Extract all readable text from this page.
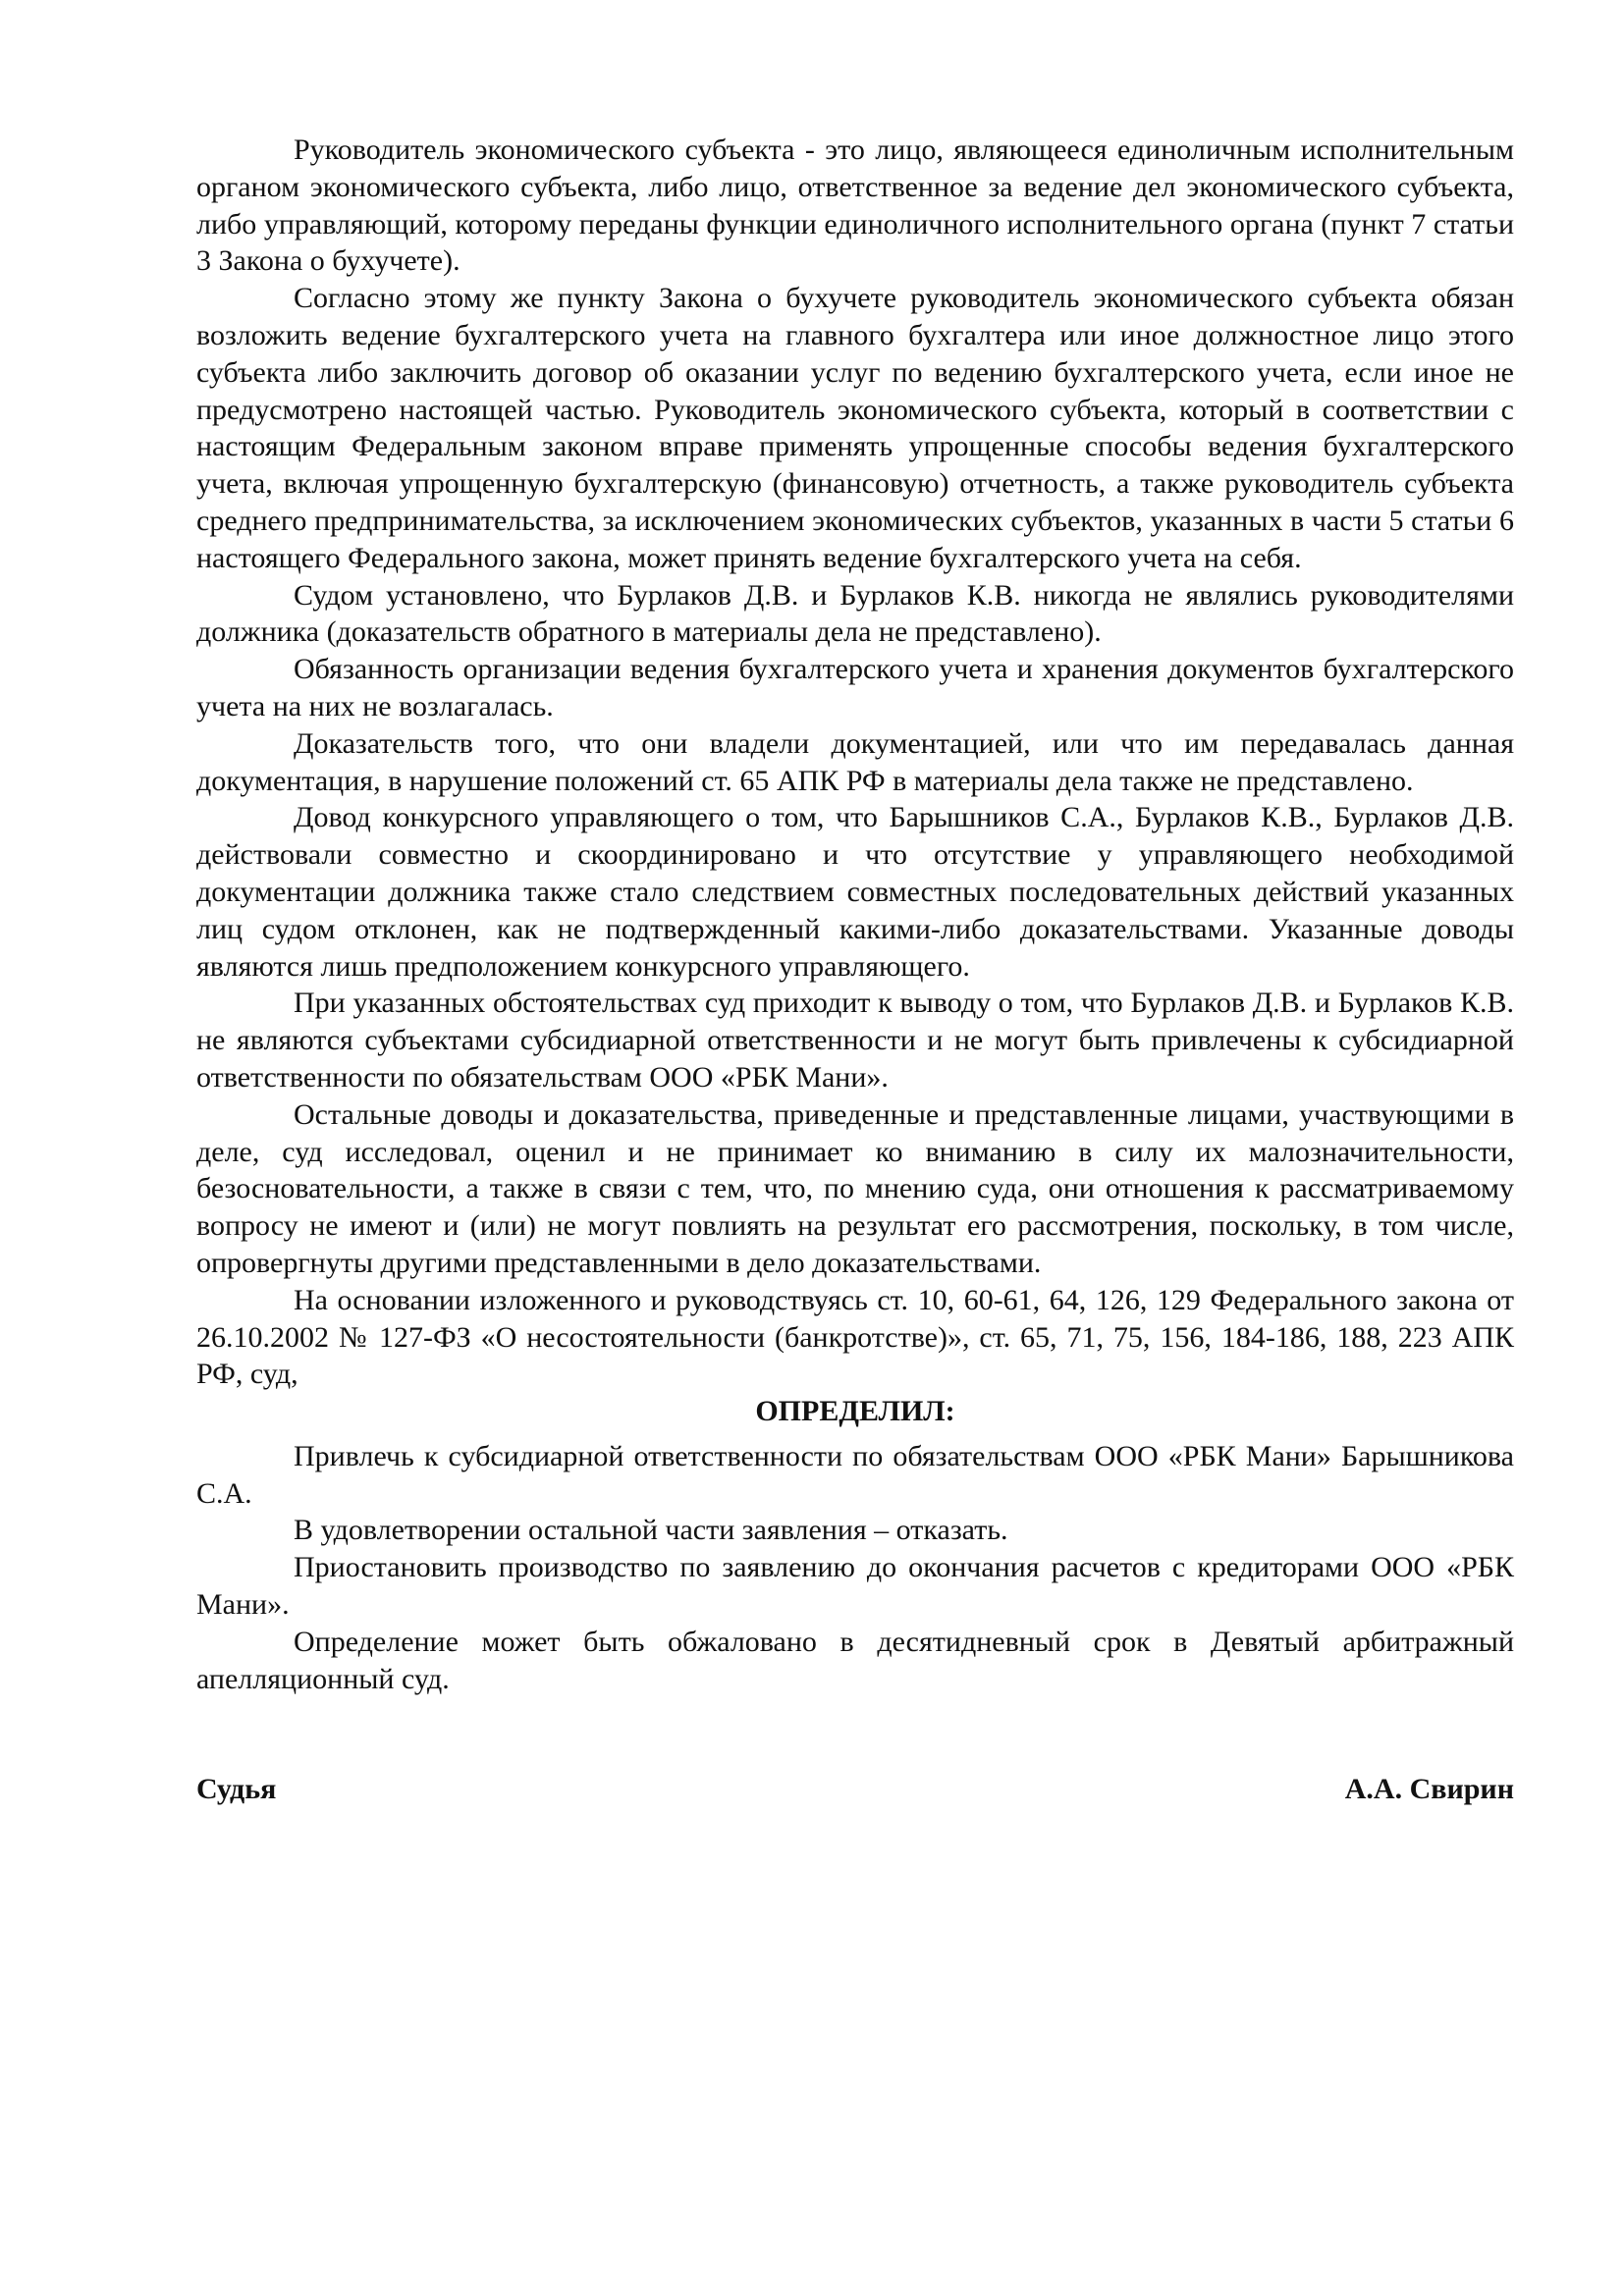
Руководитель экономического субъекта - это лицо, являющееся единоличным исполнительным органом экономического субъекта, либо лицо, ответственное за ведение дел экономического субъекта, либо управляющий, которому переданы функции единоличного исполнительного органа (пункт 7 статьи 3 Закона о бухучете).

Согласно этому же пункту Закона о бухучете руководитель экономического субъекта обязан возложить ведение бухгалтерского учета на главного бухгалтера или иное должностное лицо этого субъекта либо заключить договор об оказании услуг по ведению бухгалтерского учета, если иное не предусмотрено настоящей частью. Руководитель экономического субъекта, который в соответствии с настоящим Федеральным законом вправе применять упрощенные способы ведения бухгалтерского учета, включая упрощенную бухгалтерскую (финансовую) отчетность, а также руководитель субъекта среднего предпринимательства, за исключением экономических субъектов, указанных в части 5 статьи 6 настоящего Федерального закона, может принять ведение бухгалтерского учета на себя.

Судом установлено, что Бурлаков Д.В. и Бурлаков К.В. никогда не являлись руководителями должника (доказательств обратного в материалы дела не представлено).

Обязанность организации ведения бухгалтерского учета и хранения документов бухгалтерского учета на них не возлагалась.

Доказательств того, что они владели документацией, или что им передавалась данная документация, в нарушение положений ст. 65 АПК РФ в материалы дела также не представлено.

Довод конкурсного управляющего о том, что Барышников С.А., Бурлаков К.В., Бурлаков Д.В. действовали совместно и скоординировано и что отсутствие у управляющего необходимой документации должника также стало следствием совместных последовательных действий указанных лиц судом отклонен, как не подтвержденный какими-либо доказательствами. Указанные доводы являются лишь предположением конкурсного управляющего.

При указанных обстоятельствах суд приходит к выводу о том, что Бурлаков Д.В. и Бурлаков К.В. не являются субъектами субсидиарной ответственности и не могут быть привлечены к субсидиарной ответственности по обязательствам ООО «РБК Мани».

Остальные доводы и доказательства, приведенные и представленные лицами, участвующими в деле, суд исследовал, оценил и не принимает ко вниманию в силу их малозначительности, безосновательности, а также в связи с тем, что, по мнению суда, они отношения к рассматриваемому вопросу не имеют и (или) не могут повлиять на результат его рассмотрения, поскольку, в том числе, опровергнуты другими представленными в дело доказательствами.

На основании изложенного и руководствуясь ст. 10, 60-61, 64, 126, 129 Федерального закона от 26.10.2002 № 127-ФЗ «О несостоятельности (банкротстве)», ст. 65, 71, 75, 156, 184-186, 188, 223 АПК РФ, суд,

ОПРЕДЕЛИЛ:

Привлечь к субсидиарной ответственности по обязательствам ООО «РБК Мани» Барышникова С.А.

В удовлетворении остальной части заявления – отказать.

Приостановить производство по заявлению до окончания расчетов с кредиторами ООО «РБК Мани».

Определение может быть обжаловано в десятидневный срок в Девятый арбитражный апелляционный суд.

Судья	А.А. Свирин
